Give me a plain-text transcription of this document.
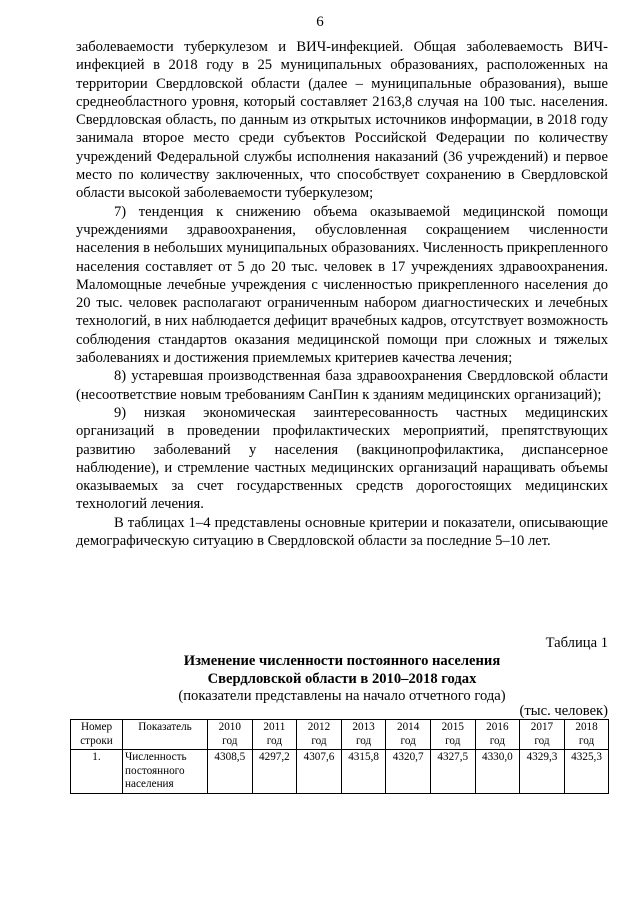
6

заболеваемости туберкулезом и ВИЧ-инфекцией. Общая заболеваемость ВИЧ-инфекцией в 2018 году в 25 муниципальных образованиях, расположенных на территории Свердловской области (далее – муниципальные образования), выше среднеобластного уровня, который составляет 2163,8 случая на 100 тыс. населения. Свердловская область, по данным из открытых источников информации, в 2018 году занимала второе место среди субъектов Российской Федерации по количеству учреждений Федеральной службы исполнения наказаний (36 учреждений) и первое место по количеству заключенных, что способствует сохранению в Свердловской области высокой заболеваемости туберкулезом;

7) тенденция к снижению объема оказываемой медицинской помощи учреждениями здравоохранения, обусловленная сокращением численности населения в небольших муниципальных образованиях. Численность прикрепленного населения составляет от 5 до 20 тыс. человек в 17 учреждениях здравоохранения. Маломощные лечебные учреждения с численностью прикрепленного населения до 20 тыс. человек располагают ограниченным набором диагностических и лечебных технологий, в них наблюдается дефицит врачебных кадров, отсутствует возможность соблюдения стандартов оказания медицинской помощи при сложных и тяжелых заболеваниях и достижения приемлемых критериев качества лечения;

8) устаревшая производственная база здравоохранения Свердловской области (несоответствие новым требованиям СанПин к зданиям медицинских организаций);

9) низкая экономическая заинтересованность частных медицинских организаций в проведении профилактических мероприятий, препятствующих развитию заболеваний у населения (вакцинопрофилактика, диспансерное наблюдение), и стремление частных медицинских организаций наращивать объемы оказываемых за счет государственных средств дорогостоящих медицинских технологий лечения.

В таблицах 1–4 представлены основные критерии и показатели, описывающие демографическую ситуацию в Свердловской области за последние 5–10 лет.

Таблица 1
Изменение численности постоянного населения
Свердловской области в 2010–2018 годах
(показатели представлены на начало отчетного года)
(тыс. человек)
Номер строки	Показатель	2010 год	2011 год	2012 год	2013 год	2014 год	2015 год	2016 год	2017 год	2018 год
1.	Численность постоянного населения	4308,5	4297,2	4307,6	4315,8	4320,7	4327,5	4330,0	4329,3	4325,3
